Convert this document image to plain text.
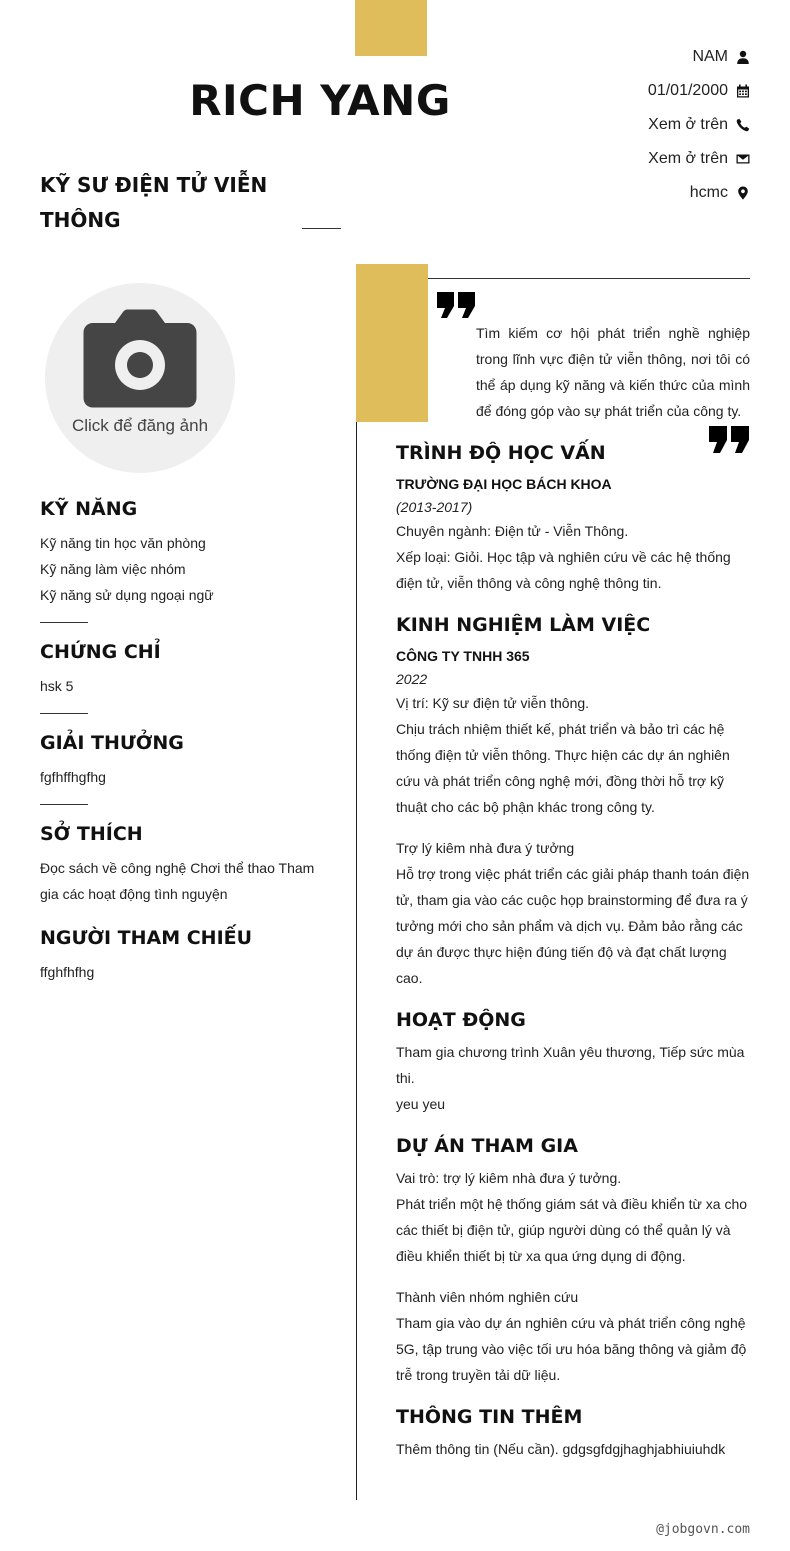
RICH YANG
KỸ SƯ ĐIỆN TỬ VIỄN THÔNG
NAM
01/01/2000
Xem ở trên
Xem ở trên
hcmc
Click để đăng ảnh
Tìm kiếm cơ hội phát triển nghề nghiệp trong lĩnh vực điện tử viễn thông, nơi tôi có thể áp dụng kỹ năng và kiến thức của mình để đóng góp vào sự phát triển của công ty.
KỸ NĂNG
Kỹ năng tin học văn phòng
Kỹ năng làm việc nhóm
Kỹ năng sử dụng ngoại ngữ
CHỨNG CHỈ
hsk 5
GIẢI THƯỞNG
fgfhffhgfhg
SỞ THÍCH
Đọc sách về công nghệ Chơi thể thao Tham gia các hoạt động tình nguyện
NGƯỜI THAM CHIẾU
ffghfhfhg
TRÌNH ĐỘ HỌC VẤN
TRƯỜNG ĐẠI HỌC BÁCH KHOA
(2013-2017)
Chuyên ngành: Điện tử - Viễn Thông.
Xếp loại: Giỏi. Học tập và nghiên cứu về các hệ thống điện tử, viễn thông và công nghệ thông tin.
KINH NGHIỆM LÀM VIỆC
CÔNG TY TNHH 365
2022
Vị trí: Kỹ sư điện tử viễn thông.
Chịu trách nhiệm thiết kế, phát triển và bảo trì các hệ thống điện tử viễn thông. Thực hiện các dự án nghiên cứu và phát triển công nghệ mới, đồng thời hỗ trợ kỹ thuật cho các bộ phận khác trong công ty.
Trợ lý kiêm nhà đưa ý tưởng
Hỗ trợ trong việc phát triển các giải pháp thanh toán điện tử, tham gia vào các cuộc họp brainstorming để đưa ra ý tưởng mới cho sản phẩm và dịch vụ. Đảm bảo rằng các dự án được thực hiện đúng tiến độ và đạt chất lượng cao.
HOẠT ĐỘNG
Tham gia chương trình Xuân yêu thương, Tiếp sức mùa thi.
yeu yeu
DỰ ÁN THAM GIA
Vai trò: trợ lý kiêm nhà đưa ý tưởng.
Phát triển một hệ thống giám sát và điều khiển từ xa cho các thiết bị điện tử, giúp người dùng có thể quản lý và điều khiển thiết bị từ xa qua ứng dụng di động.
Thành viên nhóm nghiên cứu
Tham gia vào dự án nghiên cứu và phát triển công nghệ 5G, tập trung vào việc tối ưu hóa băng thông và giảm độ trễ trong truyền tải dữ liệu.
THÔNG TIN THÊM
Thêm thông tin (Nếu cần). gdgsgfdgjhaghjabhiuiuhdk
@jobgovn.com
